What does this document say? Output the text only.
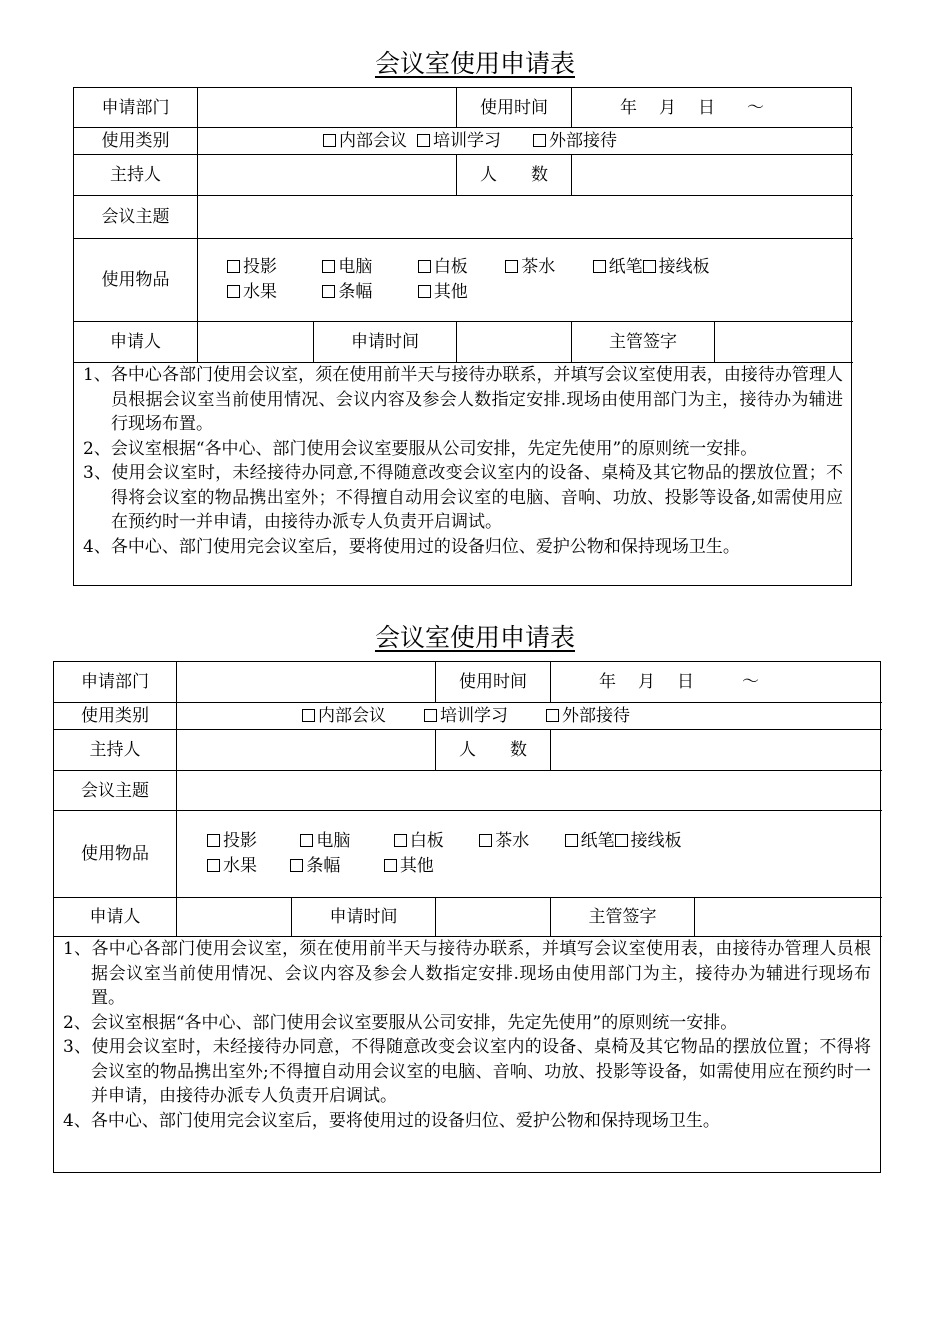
会议室使用申请表
申请部门	使用时间	年 月 日 ～
使用类别	内部会议	培训学习	外部接待
主持人	人　　数
会议主题
使用物品
投影	电脑	白板	茶水	纸笔 接线板
水果	条幅	其他
申请人	申请时间	主管签字
1、各中心各部门使用会议室，须在使用前半天与接待办联系，并填写会议室使用表，由接待办管理人员根据会议室当前使用情况、会议内容及参会人数指定安排.现场由使用部门为主，接待办为辅进行现场布置。
2、会议室根据“各中心、部门使用会议室要服从公司安排，先定先使用”的原则统一安排。
3、使用会议室时，未经接待办同意,不得随意改变会议室内的设备、桌椅及其它物品的摆放位置；不得将会议室的物品携出室外；不得擅自动用会议室的电脑、音响、功放、投影等设备,如需使用应在预约时一并申请，由接待办派专人负责开启调试。
4、各中心、部门使用完会议室后，要将使用过的设备归位、爱护公物和保持现场卫生。
会议室使用申请表
申请部门	使用时间	年 月 日	～
使用类别	内部会议	培训学习	外部接待
主持人	人　　数
会议主题
使用物品
投影	电脑	白板	茶水	纸笔 接线板
水果	条幅	其他
申请人	申请时间	主管签字
1、各中心各部门使用会议室，须在使用前半天与接待办联系，并填写会议室使用表，由接待办管理人员根据会议室当前使用情况、会议内容及参会人数指定安排.现场由使用部门为主，接待办为辅进行现场布置。
2、会议室根据“各中心、部门使用会议室要服从公司安排，先定先使用”的原则统一安排。
3、使用会议室时，未经接待办同意，不得随意改变会议室内的设备、桌椅及其它物品的摆放位置；不得将会议室的物品携出室外;不得擅自动用会议室的电脑、音响、功放、投影等设备，如需使用应在预约时一并申请，由接待办派专人负责开启调试。
4、各中心、部门使用完会议室后，要将使用过的设备归位、爱护公物和保持现场卫生。
